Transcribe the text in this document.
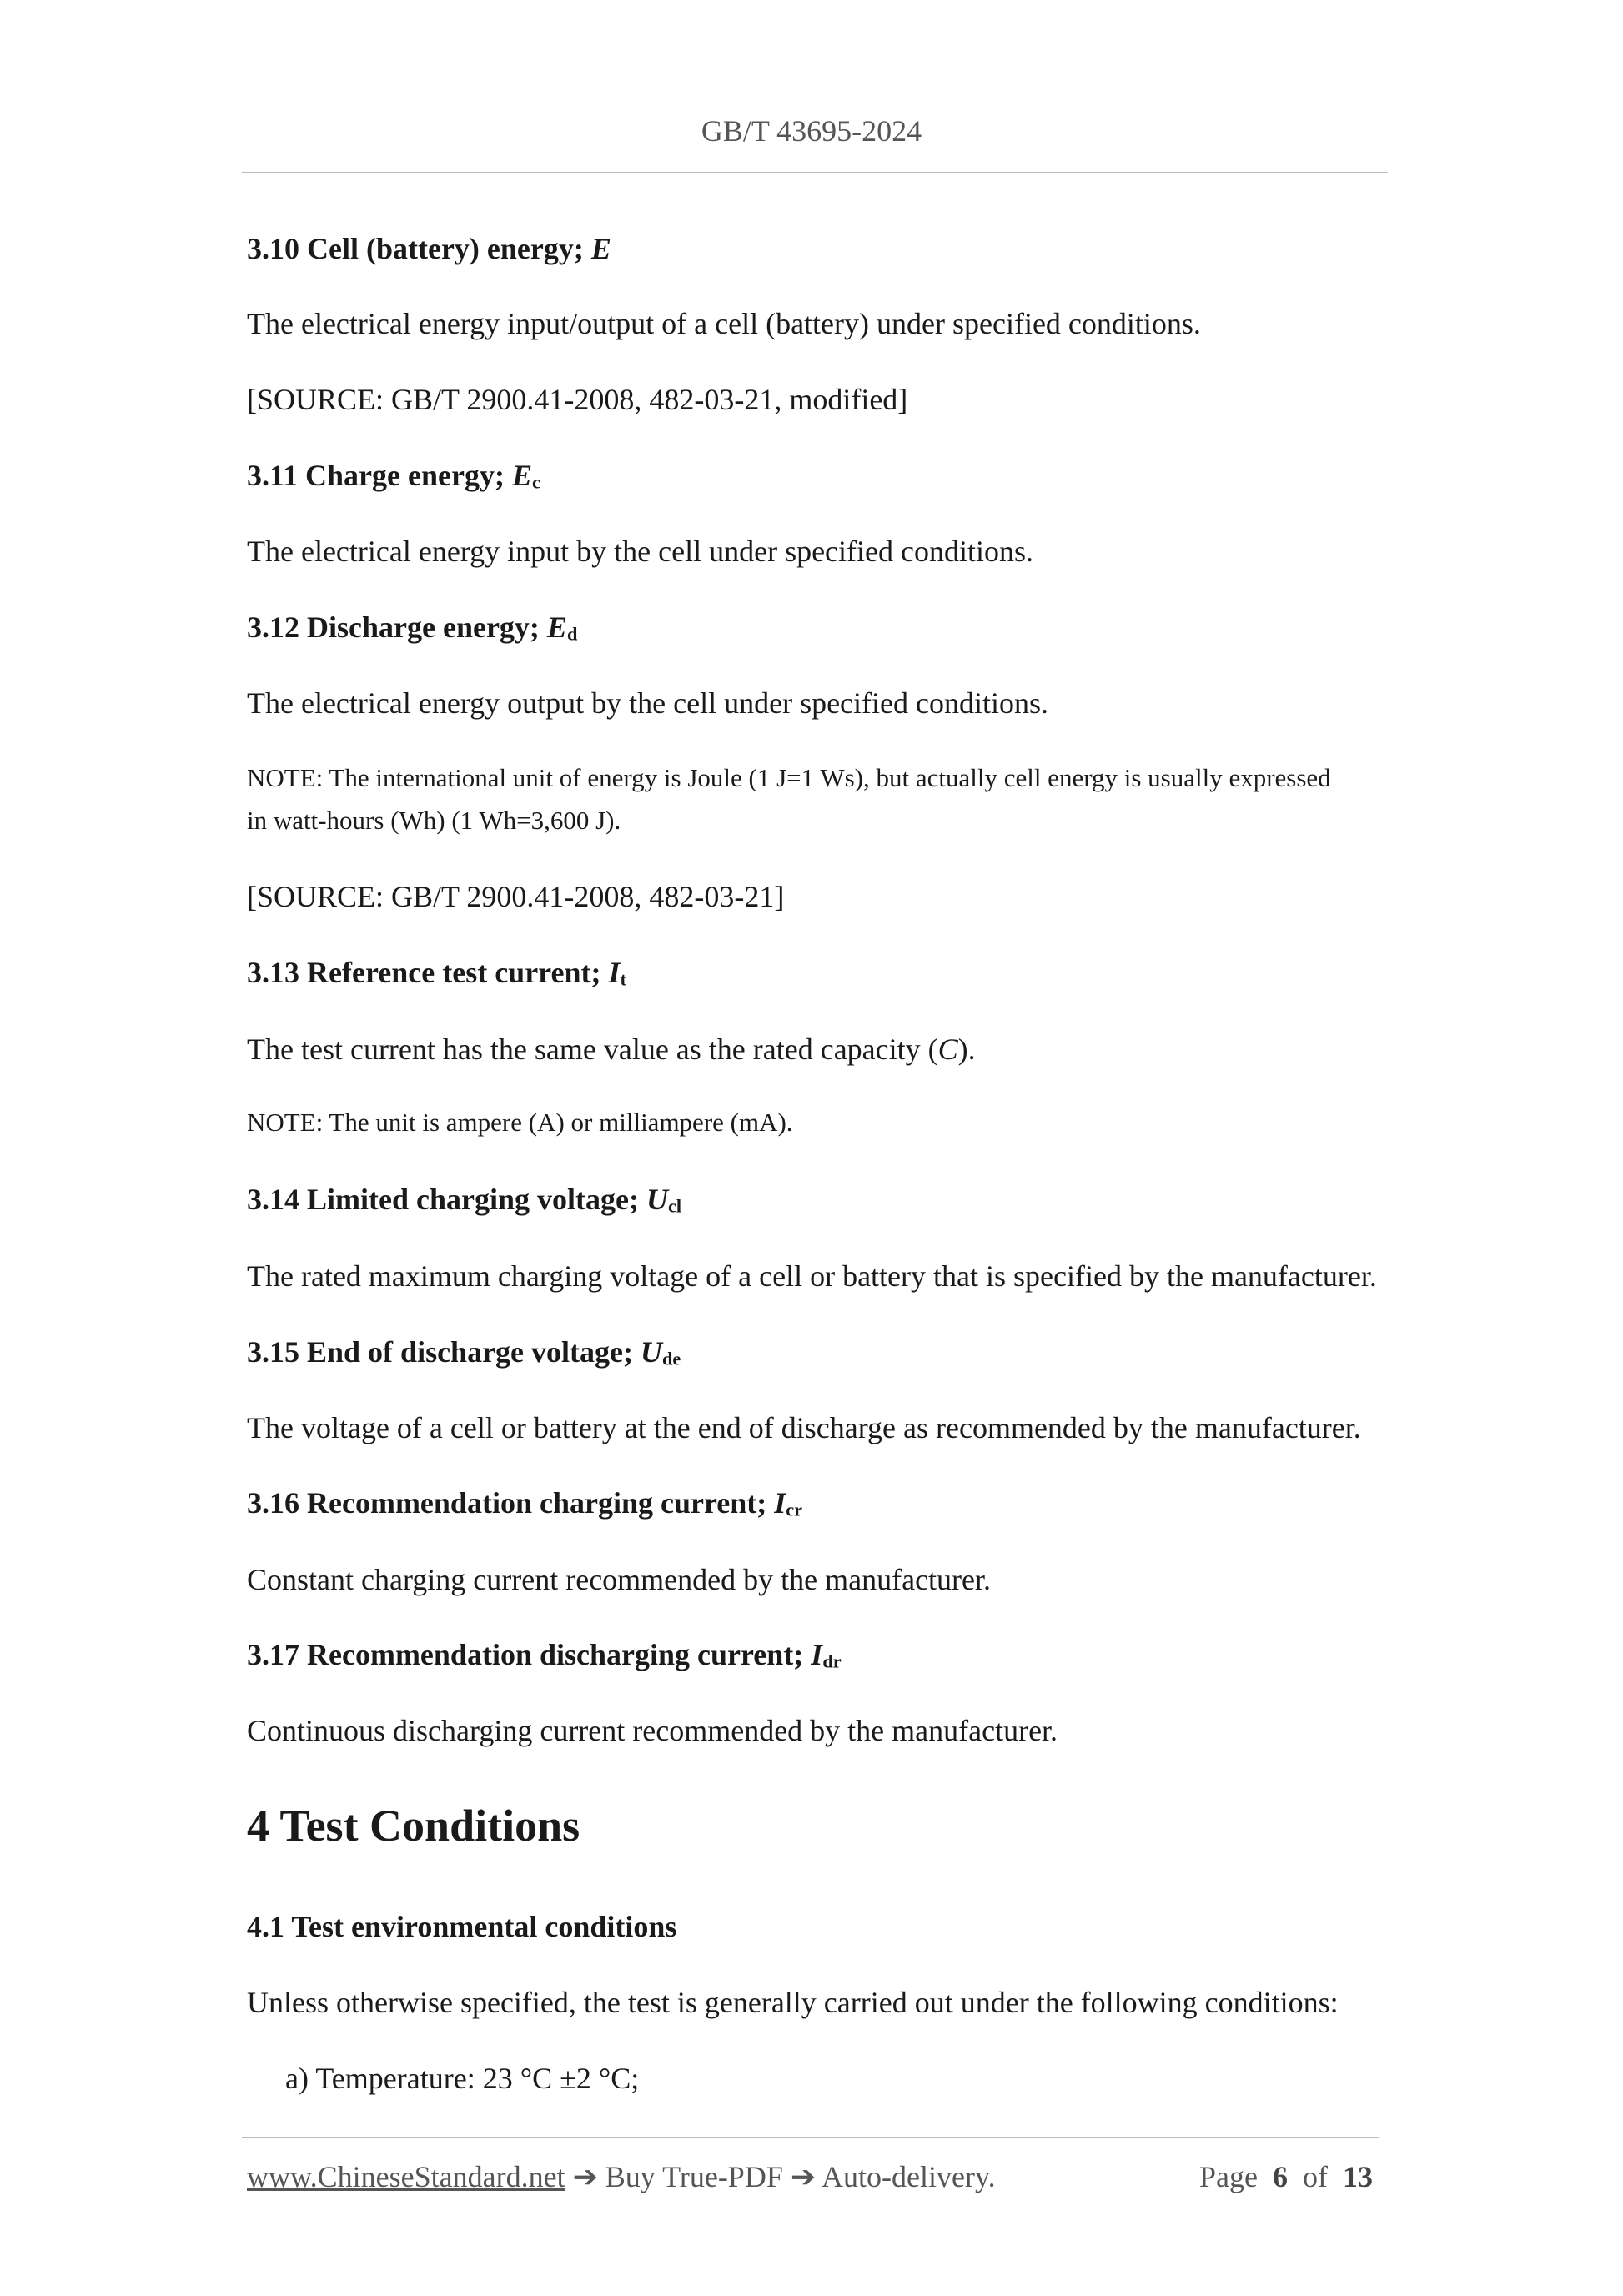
GB/T 43695-2024
3.10 Cell (battery) energy; E
The electrical energy input/output of a cell (battery) under specified conditions.
[SOURCE: GB/T 2900.41-2008, 482-03-21, modified]
3.11 Charge energy; $E_c$
The electrical energy input by the cell under specified conditions.
3.12 Discharge energy; $E_d$
The electrical energy output by the cell under specified conditions.
NOTE: The international unit of energy is Joule (1 J=1 Ws), but actually cell energy is usually expressed
in watt-hours (Wh) (1 Wh=3,600 J).
[SOURCE: GB/T 2900.41-2008, 482-03-21]
3.13 Reference test current; $I_t$
The test current has the same value as the rated capacity (C).
NOTE: The unit is ampere (A) or milliampere (mA).
3.14 Limited charging voltage; $U_{cl}$
The rated maximum charging voltage of a cell or battery that is specified by the manufacturer.
3.15 End of discharge voltage; $U_{de}$
The voltage of a cell or battery at the end of discharge as recommended by the manufacturer.
3.16 Recommendation charging current; $I_{cr}$
Constant charging current recommended by the manufacturer.
3.17 Recommendation discharging current; $I_{dr}$
Continuous discharging current recommended by the manufacturer.
4 Test Conditions
4.1 Test environmental conditions
Unless otherwise specified, the test is generally carried out under the following conditions:
a) Temperature: 23 °C ±2 °C;
www.ChineseStandard.net ➔ Buy True-PDF ➔ Auto-delivery.	Page 6 of 13
